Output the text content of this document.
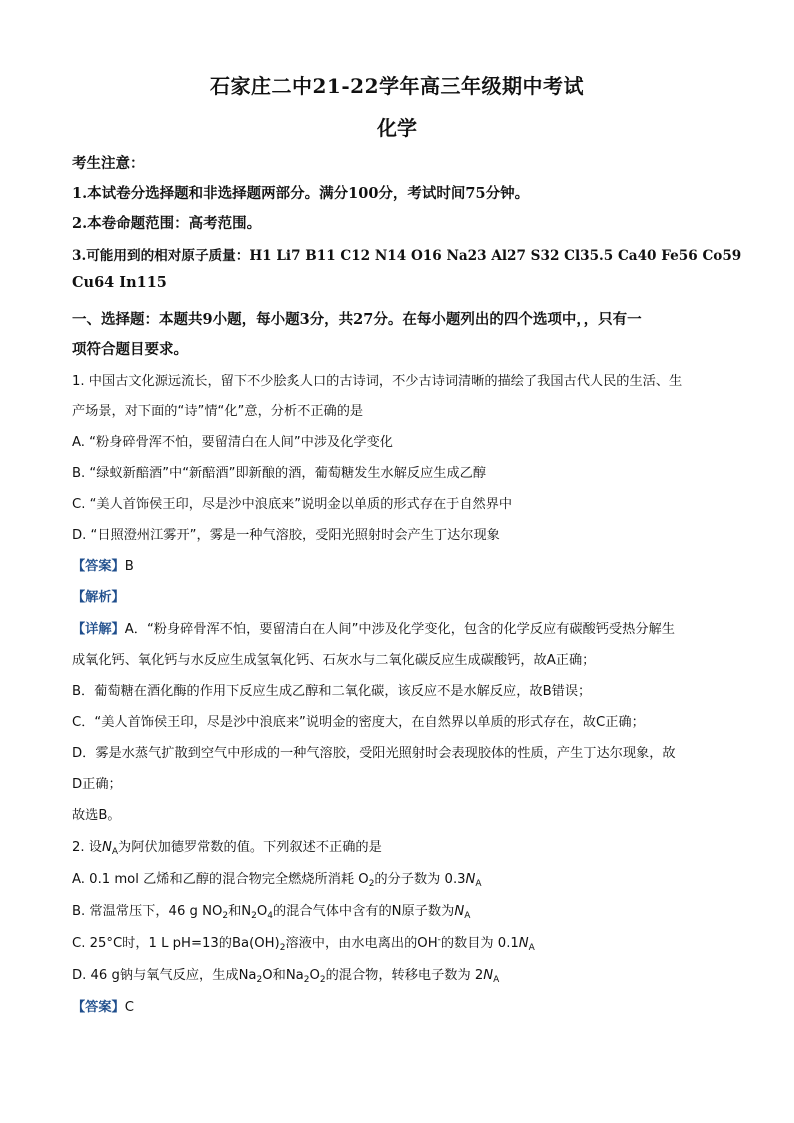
石家庄二中21-22学年高三年级期中考试
化学
考生注意：
1.本试卷分选择题和非选择题两部分。满分100分，考试时间75分钟。
2.本卷命题范围：高考范围。
3.可能用到的相对原子质量：H1 Li7 B11 C12 N14 O16 Na23 Al27 S32 Cl35.5 Ca40 Fe56 Co59
Cu64 In115
一、选择题：本题共9小题，每小题3分，共27分。在每小题列出的四个选项中，，只有一
项符合题目要求。
1. 中国古文化源远流长，留下不少脍炙人口的古诗词，不少古诗词清晰的描绘了我国古代人民的生活、生
产场景，对下面的“诗”情“化”意，分析不正确的是
A. “粉身碎骨浑不怕，要留清白在人间”中涉及化学变化
B. “绿蚁新醅酒”中“新醅酒”即新酿的酒，葡萄糖发生水解反应生成乙醇
C. “美人首饰侯王印，尽是沙中浪底来”说明金以单质的形式存在于自然界中
D. “日照澄州江雾开”，雾是一种气溶胶，受阳光照射时会产生丁达尔现象
【答案】B
【解析】
【详解】A．“粉身碎骨浑不怕，要留清白在人间”中涉及化学变化，包含的化学反应有碳酸钙受热分解生
成氧化钙、氧化钙与水反应生成氢氧化钙、石灰水与二氧化碳反应生成碳酸钙，故A正确；
B．葡萄糖在酒化酶的作用下反应生成乙醇和二氧化碳，该反应不是水解反应，故B错误；
C．“美人首饰侯王印，尽是沙中浪底来”说明金的密度大，在自然界以单质的形式存在，故C正确；
D．雾是水蒸气扩散到空气中形成的一种气溶胶，受阳光照射时会表现胶体的性质，产生丁达尔现象，故
D正确；
故选B。
2. 设$N_A$为阿伏加德罗常数的值。下列叙述不正确的是
A. 0.1 mol 乙烯和乙醇的混合物完全燃烧所消耗 $O_2$的分子数为 $0.3N_A$
B. 常温常压下，46 g $NO_2$和$N_2O_4$的混合气体中含有的N原子数为$N_A$
C. 25°C时，1 L pH=13的$Ba(OH)_2$溶液中，由水电离出的OH-的数目为 $0.1N_A$
D. 46 g钠与氧气反应，生成$Na_2O$和$Na_2O_2$的混合物，转移电子数为 $2N_A$
【答案】C
